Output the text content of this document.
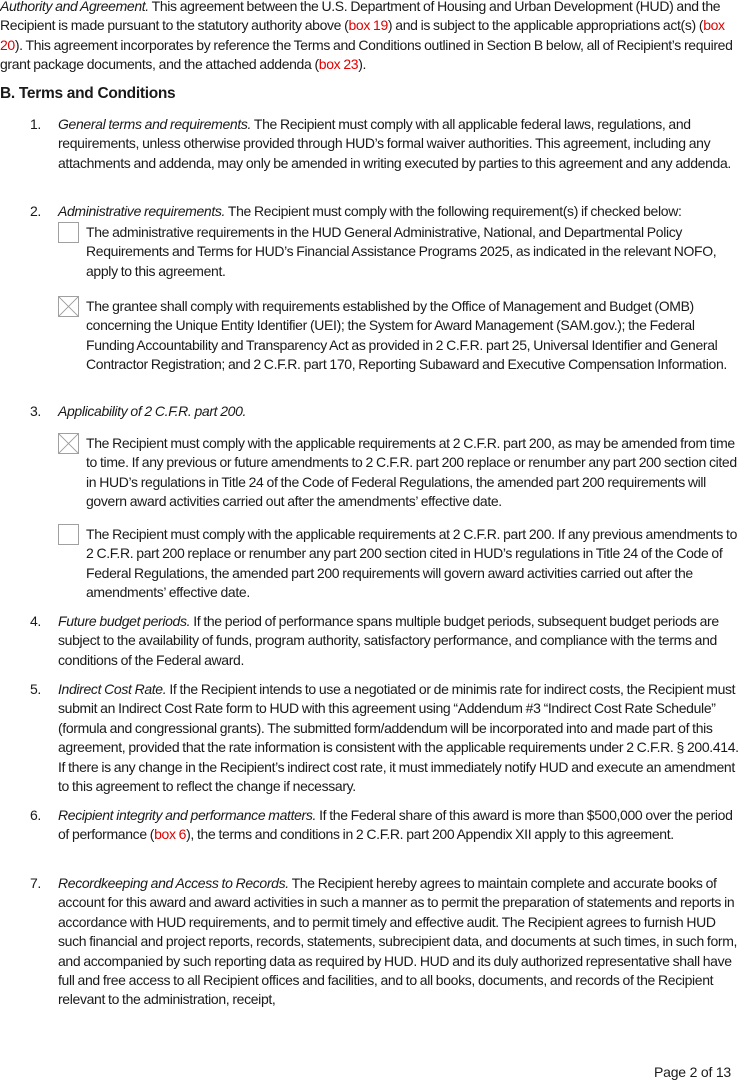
Authority and Agreement. This agreement between the U.S. Department of Housing and Urban Development (HUD) and the Recipient is made pursuant to the statutory authority above (box 19) and is subject to the applicable appropriations act(s) (box 20). This agreement incorporates by reference the Terms and Conditions outlined in Section B below, all of Recipient’s required grant package documents, and the attached addenda (box 23).
B. Terms and Conditions
1.	General terms and requirements. The Recipient must comply with all applicable federal laws, regulations, and requirements, unless otherwise provided through HUD’s formal waiver authorities. This agreement, including any attachments and addenda, may only be amended in writing executed by parties to this agreement and any addenda.
2.	Administrative requirements. The Recipient must comply with the following requirement(s) if checked below:
The administrative requirements in the HUD General Administrative, National, and Departmental Policy Requirements and Terms for HUD’s Financial Assistance Programs 2025, as indicated in the relevant NOFO, apply to this agreement.
The grantee shall comply with requirements established by the Office of Management and Budget (OMB) concerning the Unique Entity Identifier (UEI); the System for Award Management (SAM.gov.); the Federal Funding Accountability and Transparency Act as provided in 2 C.F.R. part 25, Universal Identifier and General Contractor Registration; and 2 C.F.R. part 170, Reporting Subaward and Executive Compensation Information.
3.	Applicability of 2 C.F.R. part 200.
The Recipient must comply with the applicable requirements at 2 C.F.R. part 200, as may be amended from time to time. If any previous or future amendments to 2 C.F.R. part 200 replace or renumber any part 200 section cited in HUD’s regulations in Title 24 of the Code of Federal Regulations, the amended part 200 requirements will govern award activities carried out after the amendments’ effective date.
The Recipient must comply with the applicable requirements at 2 C.F.R. part 200. If any previous amendments to 2 C.F.R. part 200 replace or renumber any part 200 section cited in HUD’s regulations in Title 24 of the Code of Federal Regulations, the amended part 200 requirements will govern award activities carried out after the amendments’ effective date.
4.	Future budget periods. If the period of performance spans multiple budget periods, subsequent budget periods are subject to the availability of funds, program authority, satisfactory performance, and compliance with the terms and conditions of the Federal award.
5.	Indirect Cost Rate. If the Recipient intends to use a negotiated or de minimis rate for indirect costs, the Recipient must submit an Indirect Cost Rate form to HUD with this agreement using “Addendum #3 “Indirect Cost Rate Schedule” (formula and congressional grants). The submitted form/addendum will be incorporated into and made part of this agreement, provided that the rate information is consistent with the applicable requirements under 2 C.F.R. § 200.414. If there is any change in the Recipient’s indirect cost rate, it must immediately notify HUD and execute an amendment to this agreement to reflect the change if necessary.
6.	Recipient integrity and performance matters. If the Federal share of this award is more than $500,000 over the period of performance (box 6), the terms and conditions in 2 C.F.R. part 200 Appendix XII apply to this agreement.
7.	Recordkeeping and Access to Records. The Recipient hereby agrees to maintain complete and accurate books of account for this award and award activities in such a manner as to permit the preparation of statements and reports in accordance with HUD requirements, and to permit timely and effective audit. The Recipient agrees to furnish HUD such financial and project reports, records, statements, subrecipient data, and documents at such times, in such form, and accompanied by such reporting data as required by HUD. HUD and its duly authorized representative shall have full and free access to all Recipient offices and facilities, and to all books, documents, and records of the Recipient relevant to the administration, receipt,
Page 2 of 13
